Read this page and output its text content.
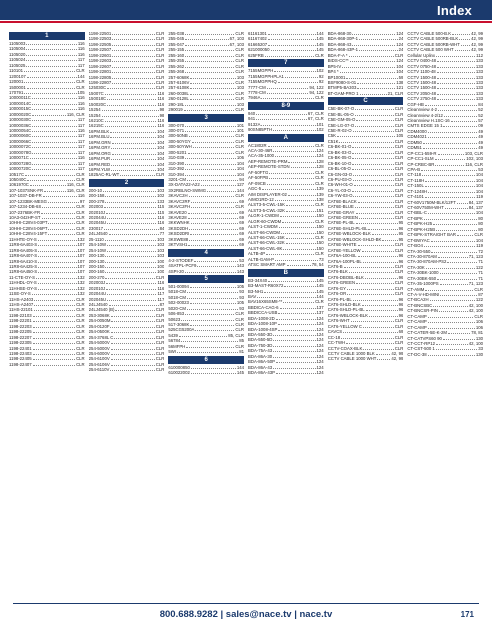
Index
1
1105003	116
1105004	116
1105020	116
1105024	117
1105025	117
110101	CLR
1200107	144
120001	CLR
1500001	CLR
170791	105
10000011C	116
10000014C	116
10000015C	116
10000020C	116, CLR
10000030C	117
10000036C	117
10000054C	116
10000060C	117
10000066C	117
10000072C	117
10000078G	117
1000071C	116
10000728G	117
10000720C	117
10517C	CLR
105040C	CLR
1061970C	116, CLR
107-1037SNK-FR	116, CLR
107-1037-DB-FR	116
107-1233BK-MESG	97
107-1234-DB-6S	CLR
107-2376BK-FR	CLR
10A3-042HP-ST	CLR
10HHI-C28V4-03PT	CLR
10HHI-C28V4-06PT	CLR
10HHI-C28V4-15FT	CLR
11HHTE-OY-S	132
11R8-6A403-S	107
11R8-6A405-S	107
11R8-6A407-S	107
11R8-6A410-S	107
11R8-6A425-S	107
11R8-6A450-S	107
11-CTE-OY-S	132
11HHDL-OY-S	132
11HHSE-OY-S	132
11SE-OY-S	132
11HS-A2403	CLR
11HS-A2407	CLR
11HS-22101	CLR
1198-22103	CLR
1198-22201	CLR
1198-22203	CLR
1198-22205	CLR
1198-22207	CLR
1198-22305	CLR
1198-22401	CLR
1198-22403	CLR
1198-22405	CLR
1198-22407	CLR
1198-22501	CLR
1198-22503	CLR
1198-22505	CLR
1198-22507	CLR
1198-22601	CLR
1198-22603	CLR
1198-22607	CLR
1198-22801	CLR
1198-22805	CLR
1198-22807	CLR
125030C	CLR
15007C	116
150018C	116
150020C	116
15254	98
15254	98
16210C	116
16215C	116
16PM.BLK	104
16PM.BLU	104
16PM.GRN	104
16PM.GRY	104
16PM.ORG	104
16PM.PUR	104
16PM.RED	104
16PM.YLW	104
1825AC-RL-WT	CLR
2
200-10	103
200-158	102
200-278	133
202003	115
202010J	115
202044U	116
202045U	116
230017	84
24LJ4540	77
25-1110	103
254-10W	103
254-10W	103
200-130	103
200-130	100
200-150	100
200-160	100
200-270	CLR
202003J	116
202010J	116
202044U	117
202045U	117
24LJ4540	87
24LJ4540 (B)	CLR
253-3068K	CLR
254-0050M	CLR
254-0120F	CLR
254-0500K	CLR
254-3768L C	CLR
254-5000V	CLR
254-5000V	CLR
254-6000V	CLR
254-6100V	CLR
254-6106V	CLR
254-6110V	CLR
255-038	CLR
255-045	67, 103
255-047	67, 103
255-155	CLR
255-160	CLR
255-255	CLR
255-262	CLR
255-268	CLR
257-6068K	103
257-6106V	CLR
257-6108K	103
260-0038L	CLR
260-0128L	CLR
290-18L	103
290019	CLR
3
300-070	101
300-071	101
300-50NB	CLR
300-50YGY	CLR
300-50YWH	CLR
300-5201	CLR
310-039	106
310-390	104
310-392	104
310-394	104
3201-CM	94
3X-DATA22-A22	127
3X2RBLNO-SWMG	144
3KAVC2H	CLR
3KAVC2RF	69
3KAVC2FH	CLR
3KAVE20	69
3KAVE28	69
3KKWNHK	69
3KSD2DH	69
3KSD2DRI	69
3KSWE88	69
3KTVSH1	69
4
4-2-STODEF	53
4SATPL-PCF9	143
4SPI-20	143
5
501-00094	105
5018-CM	93
5018-CM	93
502-00023	105
5020-CM	93
506-853	CLR
50623	CLR
517-3068K	CLR
525CG5200A	CLR
5439	85, CLR
56784	85
56MFPH	CLR
5WI	81
6
610000850	144
610022002	145
61161301	144
61167402	145
61665207	145
621000050	145
625FRB	CLR
7
7155MGPPH	102
7155MGPPHPLA1	92
7155MGPPHQ	92
7777-CM	94, 122
7778-CM	94, 122
7946A	CLR
8-9
940	67, CLR
941	67, CLR
9132A	101
90SN85PTH	102
A
AC1802R	CLR
ACA-30-46R	124
ACA-35-1000	124
AEP-REMOTE-PRM	128
AEP-REMOTE-STDN	128
AF-50FTG	CLR
AF-50FPB	CLR
AF-09CB	CLR
AGC-5	139
AIM DISPLAYER-02	139
AIMO1RD-12	138
ALST3-5-CWL-15K	CLR
ALST3-5-CWL-32K	151
ALGR-1-CWDM	150
ALGR-60-CWDM	CLR
ALST-1-CWDM	150
ALST-66-CWDM	150
ALST-66-CWL-15K	CLR
ALST-66-CWL-32K	150
ALST-66-CWL-8K	150
ALTB-4P	CLR
ALTB-GAM-P	73
ATSC SMART AMP	78, 54
B
B3-34X40	145
B3-MAST-R60X72	145
B3-NH1	145
BAV	144
BAV16X65SM8-**	CLR
BBDICA-CAG-6	137
BBDICCA-USB	137
BDA-1008-2D	124
BDA-1008-10P	124
BDA-1008-4SP	124
BDA-550-3D	124
BDA-550-5D	124
BDA-750-3D	124
BDA-75A-43	124
BDA-86A-30	124
BDA-86A-50P	124
BDA-86A-43	124
BDA-86A-43P	124
BDA-868-30	124
BDA-868-30P-1	24
BDA-868-43	124
BDA-868-43P-1	24
BDA-F-A *	CLR
BIDS-CC**	124
BP5-IV	104
BP4 *	104
BP10001	59
BSF9080-S-01	138
BTMP5-BA303	121
BT-GAM-PRO 1	21, CLR
C
C5E-BK-07-O	CLR
C5E-BL-05-O	CLR
C5E-GM-05-O	CLR
C5E-LG-07-O	CLR
C5E-R-02-O	CLR
C5K	105
C51K	CLR
C6-BK-01-O	CLR
C6-BK-03-O	CLR
C6-BK-05-O	CLR
C6-BK-10-O	CLR
C6-BL-05-O	CLR
C6-GN-03-O	CLR
C6-PU-03-O	CLR
C6-WH-01-O	CLR
C6-YL-03-O	CLR
C6-YW-03-O	CLR
CAT6E-BLACK	CLR
CAT6E-BLUE	CLR
CAT6E-GRAY	CLR
CAT6E-GREEN	CLR
CAT6E-PL-BL	95
CAT6E-SHLD-PL-BL	96
CAT6E-WBLOCK-BLK	95
CAT6E-WBLOCK-SHLD-BK	95
CAT6E-WHITE	CLR
CAT6E-YELLOW	CLR
CAT6A-100-BL	96
CAT6A-100PL-BL	96
CAT6-B	CLR
CAT6-BLK	CLR
CAT6-DBOBL-BLK	96
CAT6-GREEN	CLR
CAT6-GY	CLR
CAT6-OR	CLR
CAT6-PL-BL	96
CAT6-SHLD-BLK	96
CAT6-SHLD-PL-BL	96
CAT6-WBLOCK-BLK	96
CAT6-WHT	CLR
CAT6-YELLOW C	CLR
CAVCS	69
CC-18	CLR
CC-TWH	CLR
CCTV-COAX-BLK	CLR
CCTV CABLE 1000 BLK	42, 99
CCTV CABLE 1000 WHT	42, 99
CCTV CABLE 500-B.K	42, 99
CCTV CABLE 500RB-BLK	42, 99
CCTV CABLE 500RB-WHT	42, 99
CCTV CABLE 500 WHT	42, 99
Cellular Uplinx	112
CCTV 0400-48	133
CCTV 0750-48	133
CCTV 1100-48	133
CCTV 1500-48	133
CCTV 1500-48	133
CCTV 1500-48	133
CCTV 2050-48	133
CCTV 2750-48	133
CGF-HB	84
Cleannview 4-2	52
Cleannview 4-2/12	52
Cleannview H.1SC-16	57
CMTS EDGE 15 1	09
CDM4000	49
CDM4021	49
CDM50	49
CDM51	49
CP-CC1-559-R	103, CLR
CP-CC1-SLM	102, 103
CP-CRBC-BR	116, CLR
CPA-B	53
CT-118	104
CT-118H	104
CT-150L	104
CT-1248H	104
CT-4101	119
CT-60V1750M-BLK/12FT	84, 137
CT-60V750M-WHT	84, 137
CT-BBL-C	104
CT-BPK	80
CT-BPK-H25	80
CT-BPK-H25B	80
CT-BPK-STRAIGHT BAR	CLR
CT-BWYAC	104
CT-BO4	119
CTA-30-550	72
CTA-30-870AM	71, 123
CTA-30-870AM-PS2	71
CTA-30K	122
CTA-30BK-1000	71
CTA-30BK-550	71
CTA-35-1000PS	71, 123
CT-AMM	CLR
CT-A-V-HD-MINI	87
CT-BCA2H	122
CT-BNCSBC	42, 100
CT-BNCSR-PIN	42, 100
CT-CAMP	CLR
CT-CAMP	106
CT-CAMP	106
CT-CATER-5E-K-2M	78, 81
CT-CATVPS60 90	130
CT-CCT-RP12	42, 100
CT-CST-500 1	33
CT-DC-38	130
800.688.9282 | sales@nace.tv | nace.tv	171
